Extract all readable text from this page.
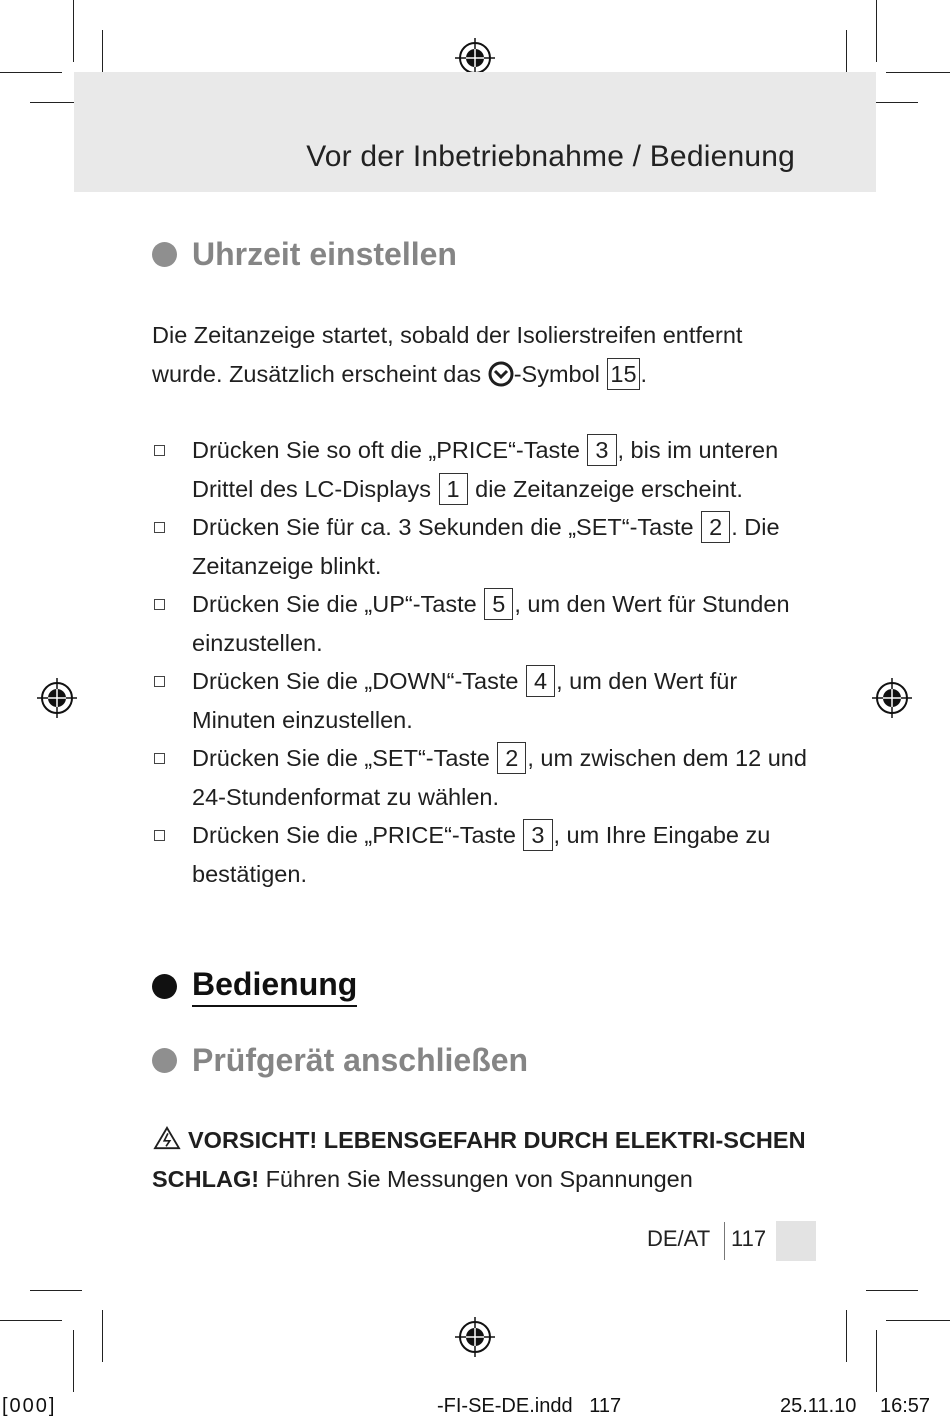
Vor der Inbetriebnahme / Bedienung
Uhrzeit einstellen
Die Zeitanzeige startet, sobald der Isolierstreifen entfernt wurde. Zusätzlich erscheint das -Symbol 15 .
Drücken Sie so oft die „PRICE“-Taste 3 , bis im unteren Drittel des LC-Displays 1 die Zeitanzeige erscheint.
Drücken Sie für ca. 3 Sekunden die „SET“-Taste 2 . Die Zeitanzeige blinkt.
Drücken Sie die „UP“-Taste 5 , um den Wert für Stunden einzustellen.
Drücken Sie die „DOWN“-Taste 4 , um den Wert für Minuten einzustellen.
Drücken Sie die „SET“-Taste 2 , um zwischen dem 12 und 24-Stundenformat zu wählen.
Drücken Sie die „PRICE“-Taste 3 , um Ihre Eingabe zu bestätigen.
Bedienung
Prüfgerät anschließen
VORSICHT! LEBENSGEFAHR DURCH ELEKTRI-SCHEN SCHLAG! Führen Sie Messungen von Spannungen
DE/AT 117
[000]	-FI-SE-DE.indd   117	25.11.10 16:57
